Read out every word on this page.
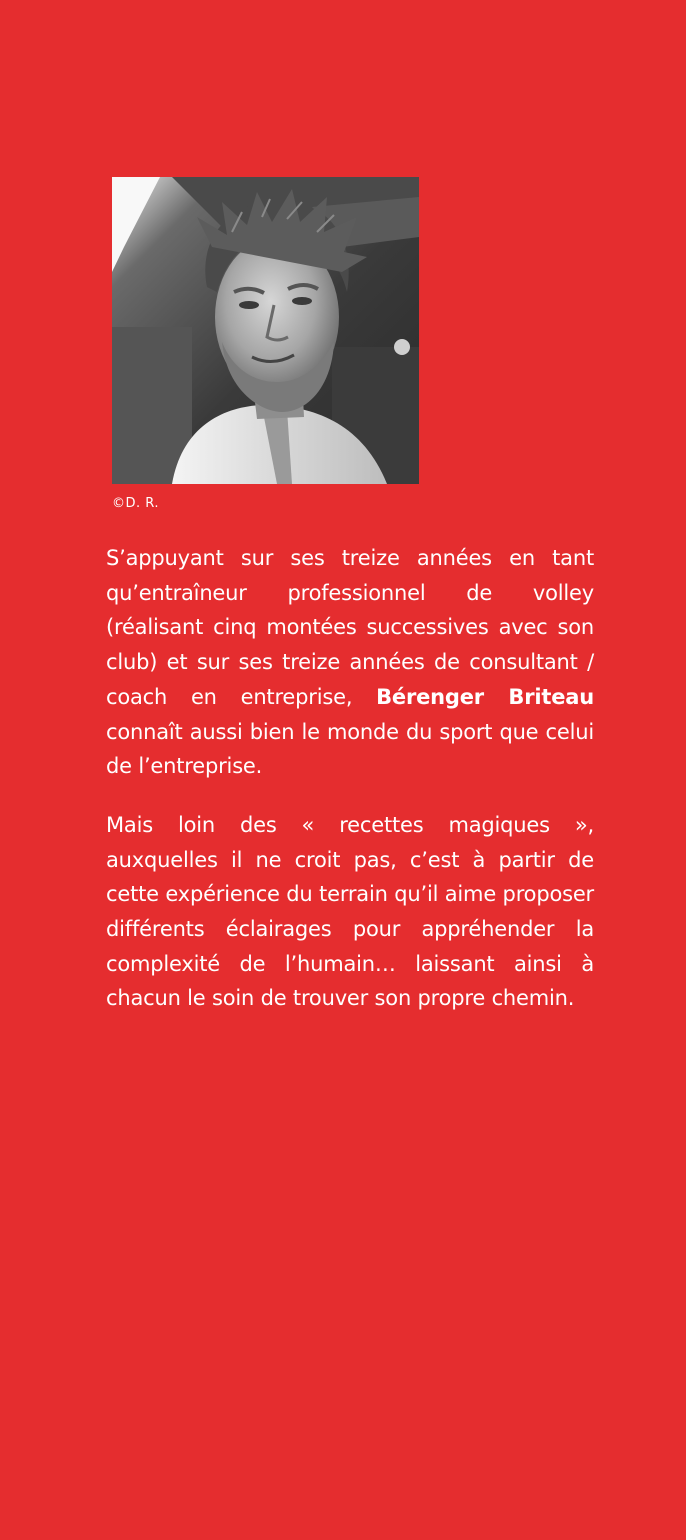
©D. R.

S’appuyant sur ses treize années en tant qu’entraîneur professionnel de volley (réalisant cinq montées successives avec son club) et sur ses treize années de consultant / coach en entreprise, Bérenger Briteau connaît aussi bien le monde du sport que celui de l’entreprise.

Mais loin des « recettes magiques », auxquelles il ne croit pas, c’est à partir de cette expérience du terrain qu’il aime proposer différents éclairages pour appréhender la complexité de l’humain… laissant ainsi à chacun le soin de trouver son propre chemin.
